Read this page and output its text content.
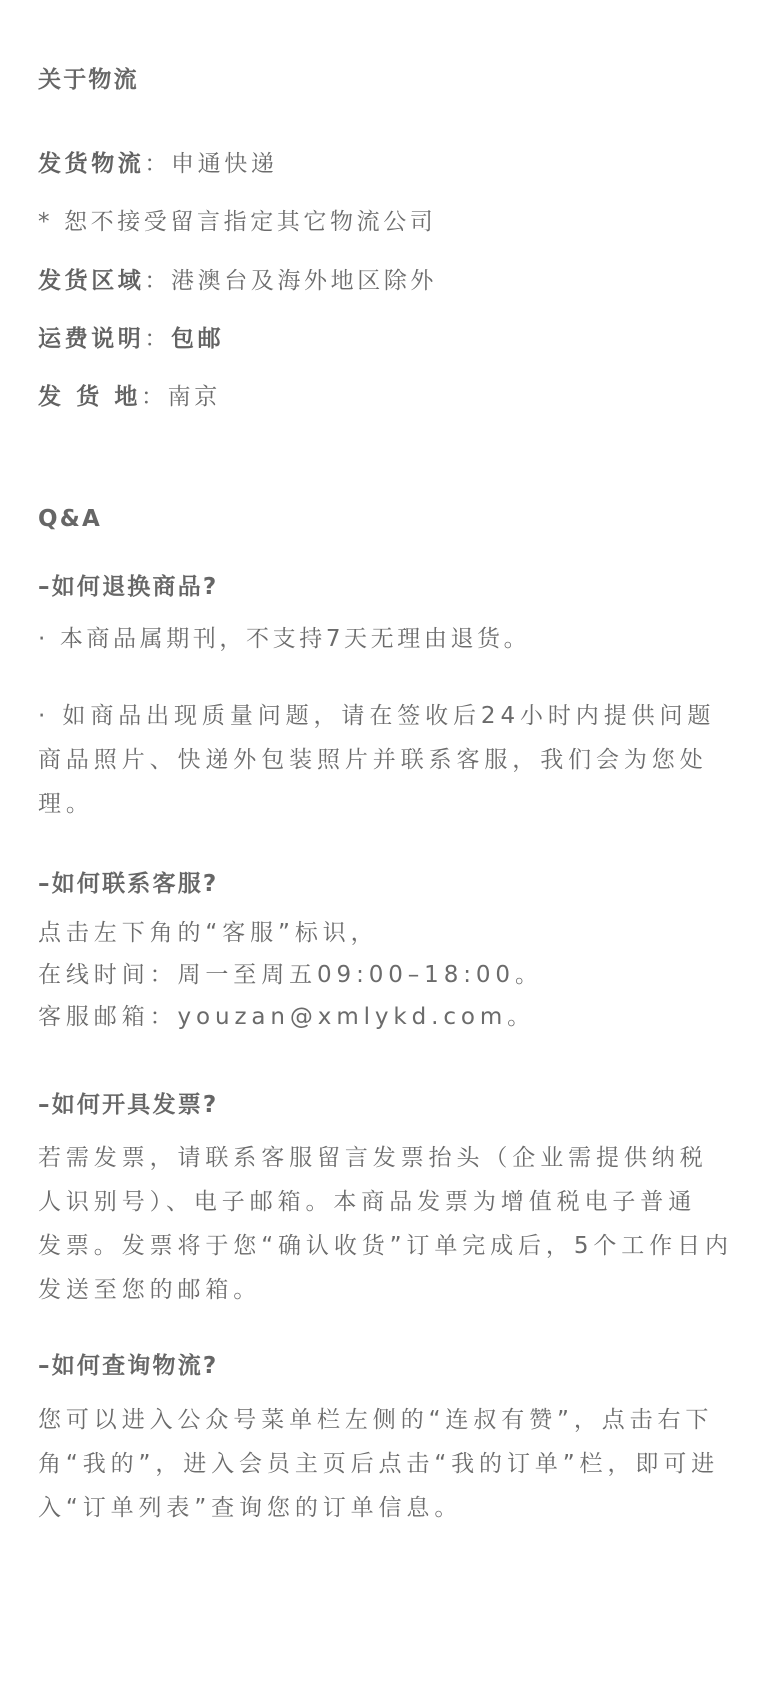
关于物流
发货物流：申通快递
* 恕不接受留言指定其它物流公司
发货区域：港澳台及海外地区除外
运费说明：包邮
发 货 地：南京
Q&A
–如何退换商品?
· 本商品属期刊，不支持7天无理由退货。
· 如商品出现质量问题，请在签收后24小时内提供问题
商品照片、快递外包装照片并联系客服，我们会为您处
理。
–如何联系客服?
点击左下角的“客服”标识，
在线时间：周一至周五09:00–18:00。
客服邮箱：youzan@xmlykd.com。
–如何开具发票?
若需发票，请联系客服留言发票抬头（企业需提供纳税
人识别号）、电子邮箱。本商品发票为增值税电子普通
发票。发票将于您“确认收货”订单完成后，5个工作日内
发送至您的邮箱。
–如何查询物流?
您可以进入公众号菜单栏左侧的“连叔有赞”，点击右下
角“我的”，进入会员主页后点击“我的订单”栏，即可进
入“订单列表”查询您的订单信息。
